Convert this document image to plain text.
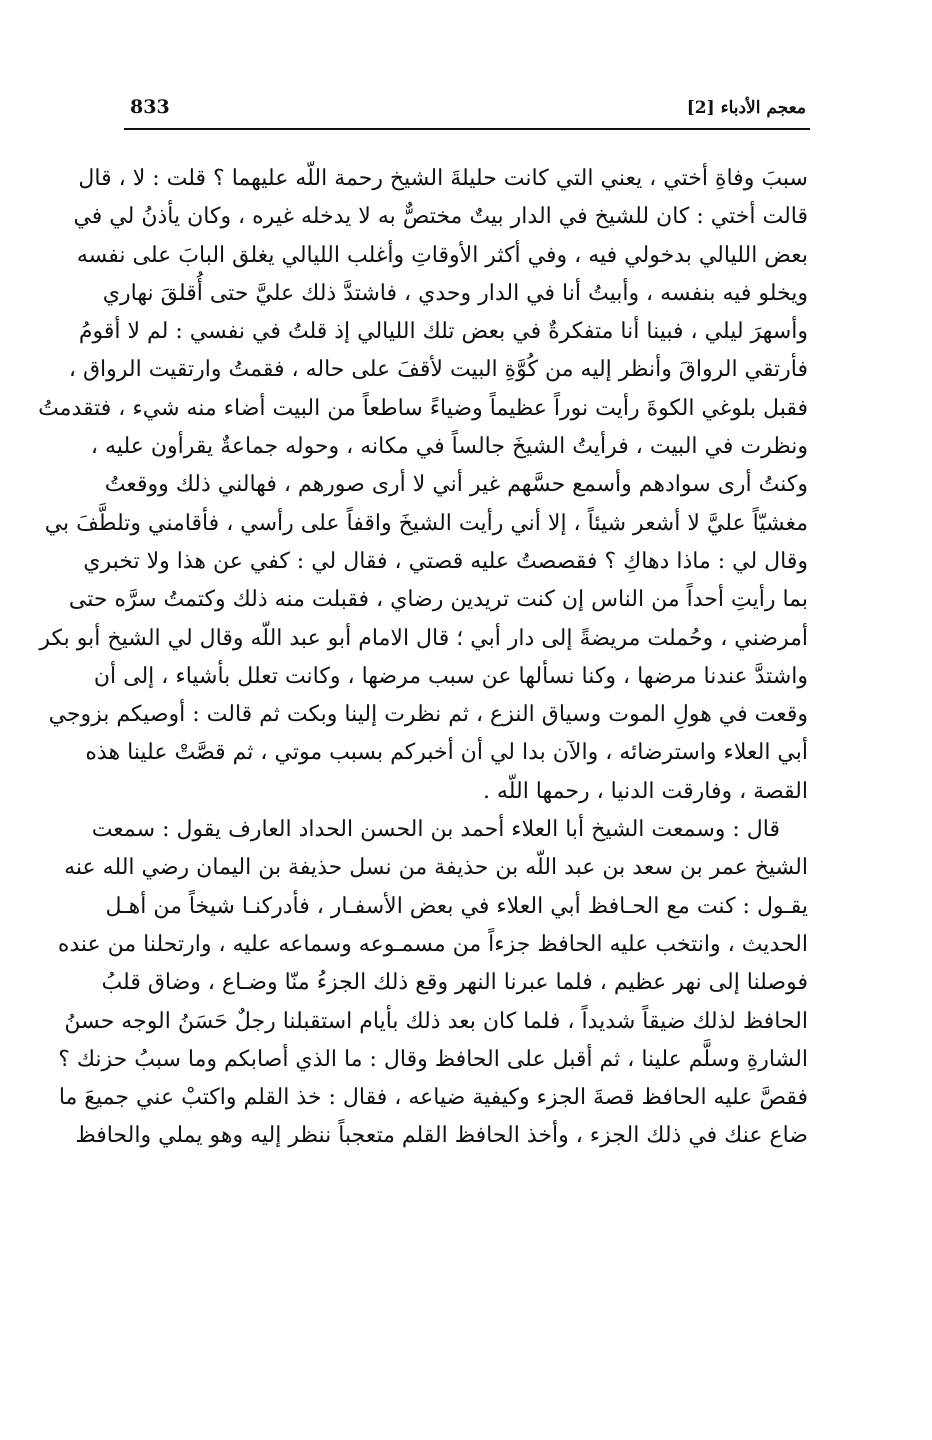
معجم الأدباء [2]
833
سببَ وفاةِ أختي ، يعني التي كانت حليلةَ الشيخ رحمة اللّه عليهما ؟ قلت : لا ، قال
قالت أختي : كان للشيخ في الدار بيتٌ مختصٌّ به لا يدخله غيره ، وكان يأذنُ لي في
بعض الليالي بدخولي فيه ، وفي أكثر الأوقاتِ وأغلب الليالي يغلق البابَ على نفسه
ويخلو فيه بنفسه ، وأبيتُ أنا في الدار وحدي ، فاشتدَّ ذلك عليَّ حتى أُقلقَ نهاري
وأسهرَ ليلي ، فبينا أنا متفكرةٌ في بعض تلك الليالي إذ قلتُ في نفسي : لم لا أقومُ
فأرتقي الرواقَ وأنظر إليه من كُوَّةِ البيت لأقفَ على حاله ، فقمتُ وارتقيت الرواق ،
فقبل بلوغي الكوةَ رأيت نوراً عظيماً وضياءً ساطعاً من البيت أضاء منه شيء ، فتقدمتُ
ونظرت في البيت ، فرأيتُ الشيخَ جالساً في مكانه ، وحوله جماعةٌ يقرأون عليه ،
وكنتُ أرى سوادهم وأسمع حسَّهم غير أني لا أرى صورهم ، فهالني ذلك ووقعتُ
مغشيّاً عليَّ لا أشعر شيئاً ، إلا أني رأيت الشيخَ واقفاً على رأسي ، فأقامني وتلطَّفَ بي
وقال لي : ماذا دهاكِ ؟ فقصصتُ عليه قصتي ، فقال لي : كفي عن هذا ولا تخبري
بما رأيتِ أحداً من الناس إن كنت تريدين رضاي ، فقبلت منه ذلك وكتمتُ سرَّه حتى
أمرضني ، وحُملت مريضةً إلى دار أبي ؛ قال الامام أبو عبد اللّه وقال لي الشيخ أبو بكر
واشتدَّ عندنا مرضها ، وكنا نسألها عن سبب مرضها ، وكانت تعلل بأشياء ، إلى أن
وقعت في هولِ الموت وسياق النزع ، ثم نظرت إلينا وبكت ثم قالت : أوصيكم بزوجي
أبي العلاء واسترضائه ، والآن بدا لي أن أخبركم بسبب موتي ، ثم قصَّتْ علينا هذه
القصة ، وفارقت الدنيا ، رحمها اللّه .
قال : وسمعت الشيخ أبا العلاء أحمد بن الحسن الحداد العارف يقول : سمعت
الشيخ عمر بن سعد بن عبد اللّه بن حذيفة من نسل حذيفة بن اليمان رضي الله عنه
يقـول : كنت مع الحـافظ أبي العلاء في بعض الأسفـار ، فأدركنـا شيخاً من أهـل
الحديث ، وانتخب عليه الحافظ جزءاً من مسمـوعه وسماعه عليه ، وارتحلنا من عنده
فوصلنا إلى نهر عظيم ، فلما عبرنا النهر وقع ذلك الجزءُ منّا وضـاع ، وضاق قلبُ
الحافظ لذلك ضيقاً شديداً ، فلما كان بعد ذلك بأيام استقبلنا رجلٌ حَسَنُ الوجه حسنُ
الشارةِ وسلَّم علينا ، ثم أقبل على الحافظ وقال : ما الذي أصابكم وما سببُ حزنك ؟
فقصَّ عليه الحافظ قصةَ الجزء وكيفية ضياعه ، فقال : خذ القلم واكتبْ عني جميعَ ما
ضاع عنك في ذلك الجزء ، وأخذ الحافظ القلم متعجباً ننظر إليه وهو يملي والحافظ
